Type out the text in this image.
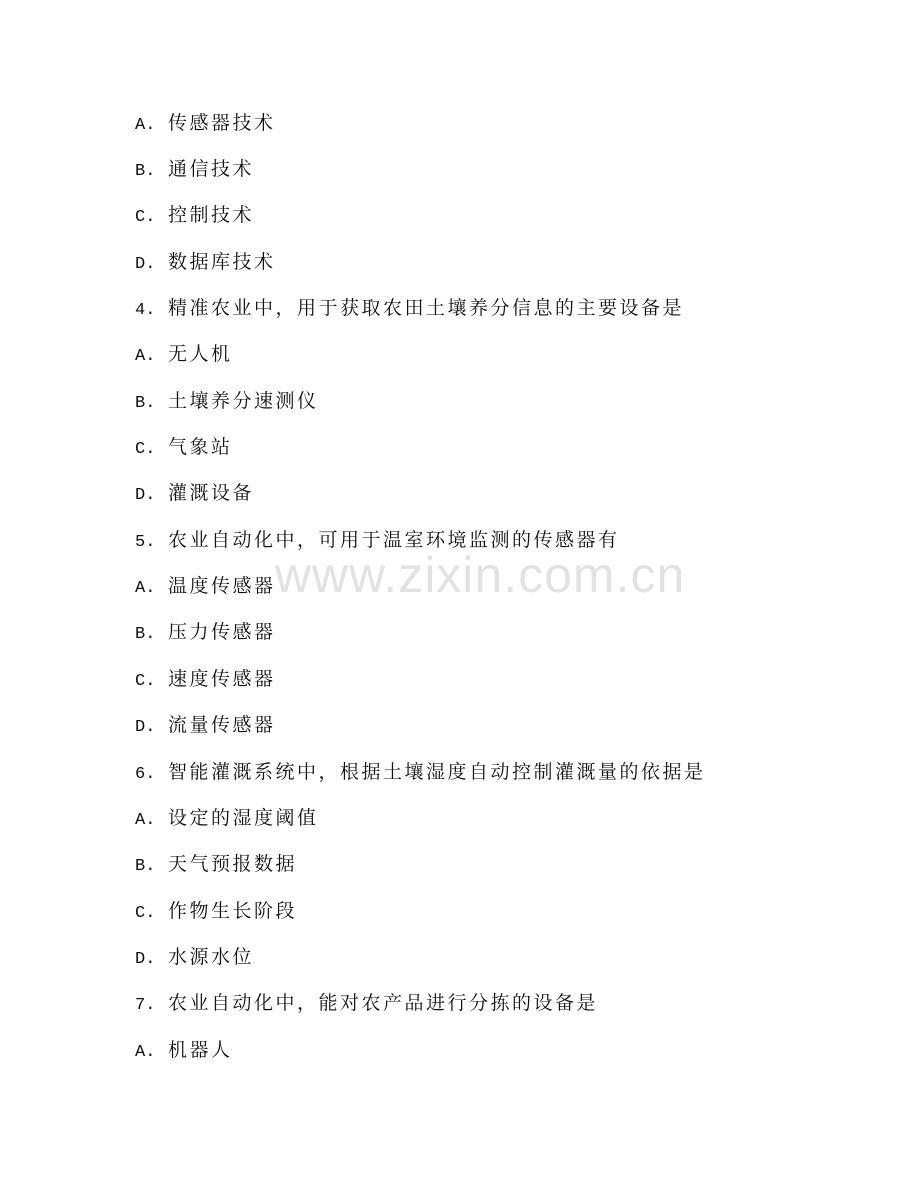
A. 传感器技术
B. 通信技术
C. 控制技术
D. 数据库技术
4. 精准农业中，用于获取农田土壤养分信息的主要设备是
A. 无人机
B. 土壤养分速测仪
C. 气象站
D. 灌溉设备
5. 农业自动化中，可用于温室环境监测的传感器有
A. 温度传感器
B. 压力传感器
C. 速度传感器
D. 流量传感器
6. 智能灌溉系统中，根据土壤湿度自动控制灌溉量的依据是
A. 设定的湿度阈值
B. 天气预报数据
C. 作物生长阶段
D. 水源水位
7. 农业自动化中，能对农产品进行分拣的设备是
A. 机器人
www.zixin.com.cn
